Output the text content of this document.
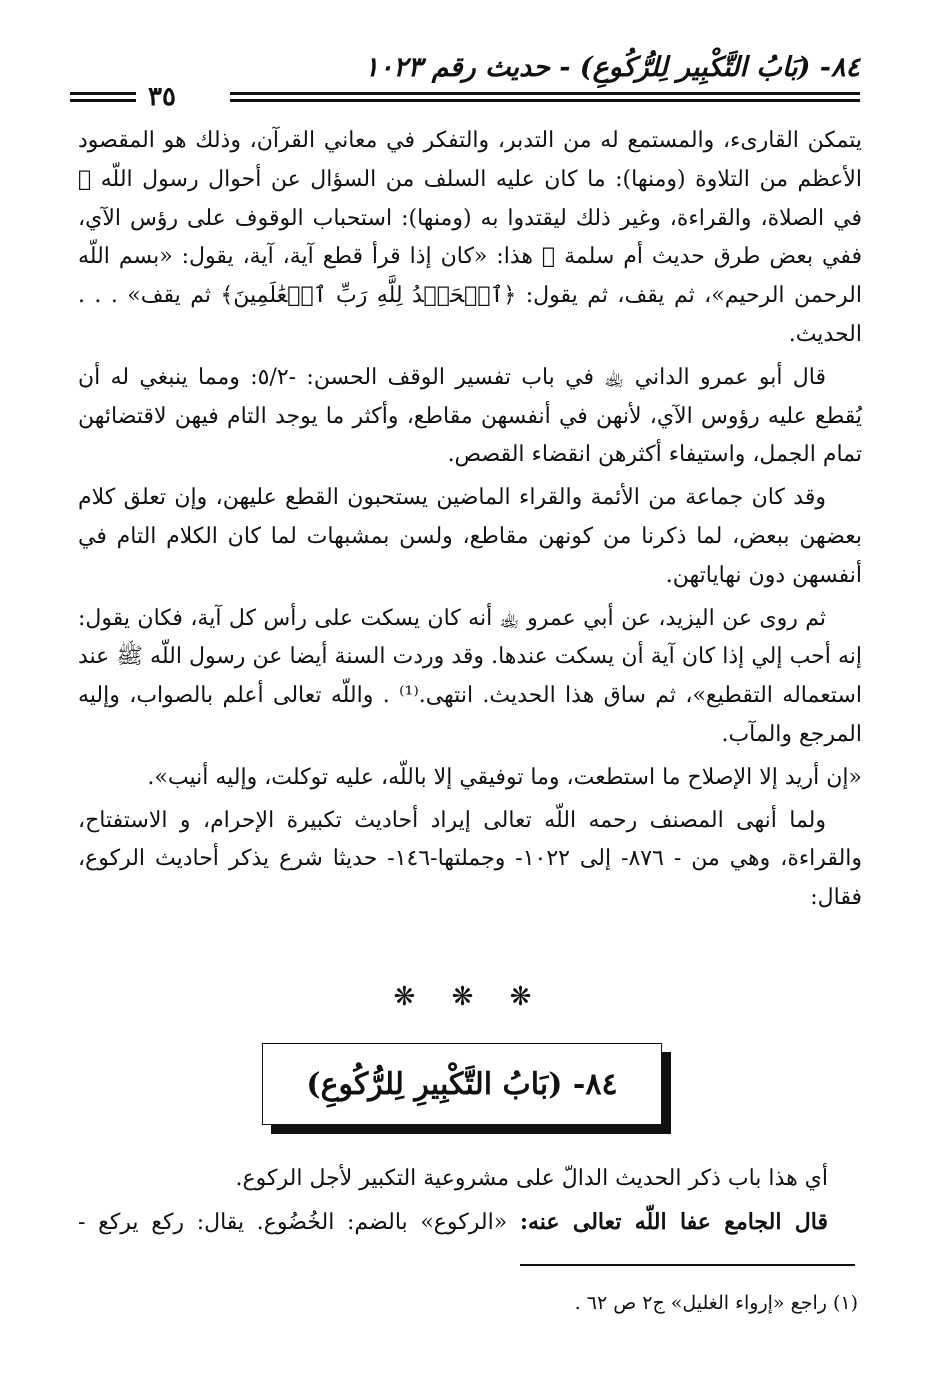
٨٤- (بَابُ التَّكْبِير لِلرُّكُوعِ) - حديث رقم ١٠٢٣
٣٥

يتمكن القارىء، والمستمع له من التدبر، والتفكر في معاني القرآن، وذلك هو المقصود الأعظم من التلاوة (ومنها): ما كان عليه السلف من السؤال عن أحوال رسول اللّه ﷺ في الصلاة، والقراءة، وغير ذلك ليقتدوا به (ومنها): استحباب الوقوف على رؤس الآي، ففي بعض طرق حديث أم سلمة ﵂ هذا: «كان إذا قرأ قطع آية، آية، يقول: «بسم اللّه الرحمن الرحيم»، ثم يقف، ثم يقول: ﴿ٱلۡحَمۡدُ لِلَّهِ رَبِّ ٱلۡعَٰلَمِينَ﴾ ثم يقف» . . . الحديث.

قال أبو عمرو الداني ﵀ في باب تفسير الوقف الحسن: -٥/٢: ومما ينبغي له أن يُقطع عليه رؤوس الآي، لأنهن في أنفسهن مقاطع، وأكثر ما يوجد التام فيهن لاقتضائهن تمام الجمل، واستيفاء أكثرهن انقضاء القصص.

وقد كان جماعة من الأئمة والقراء الماضين يستحبون القطع عليهن، وإن تعلق كلام بعضهن ببعض، لما ذكرنا من كونهن مقاطع، ولسن بمشبهات لما كان الكلام التام في أنفسهن دون نهاياتهن.

ثم روى عن اليزيد، عن أبي عمرو ﵀ أنه كان يسكت على رأس كل آية، فكان يقول: إنه أحب إلي إذا كان آية أن يسكت عندها. وقد وردت السنة أيضا عن رسول اللّه ﷺ عند استعماله التقطيع»، ثم ساق هذا الحديث. انتهى.⁽¹⁾ . واللّه تعالى أعلم بالصواب، وإليه المرجع والمآب.

«إن أريد إلا الإصلاح ما استطعت، وما توفيقي إلا باللّه، عليه توكلت، وإليه أنيب».

ولما أنهى المصنف رحمه اللّه تعالى إيراد أحاديث تكبيرة الإحرام، و الاستفتاح، والقراءة، وهي من - ٨٧٦- إلى ١٠٢٢- وجملتها-١٤٦- حديثا شرع يذكر أحاديث الركوع، فقال:

❋ ❋ ❋
٨٤- (بَابُ التَّكْبِيرِ لِلرُّكُوعِ)
أي هذا باب ذكر الحديث الدالّ على مشروعية التكبير لأجل الركوع.
قال الجامع عفا اللّه تعالى عنه: «الركوع» بالضم: الخُضُوع. يقال: ركع يركع -
(١) راجع «إرواء الغليل» ج٢ ص ٦٢ .
